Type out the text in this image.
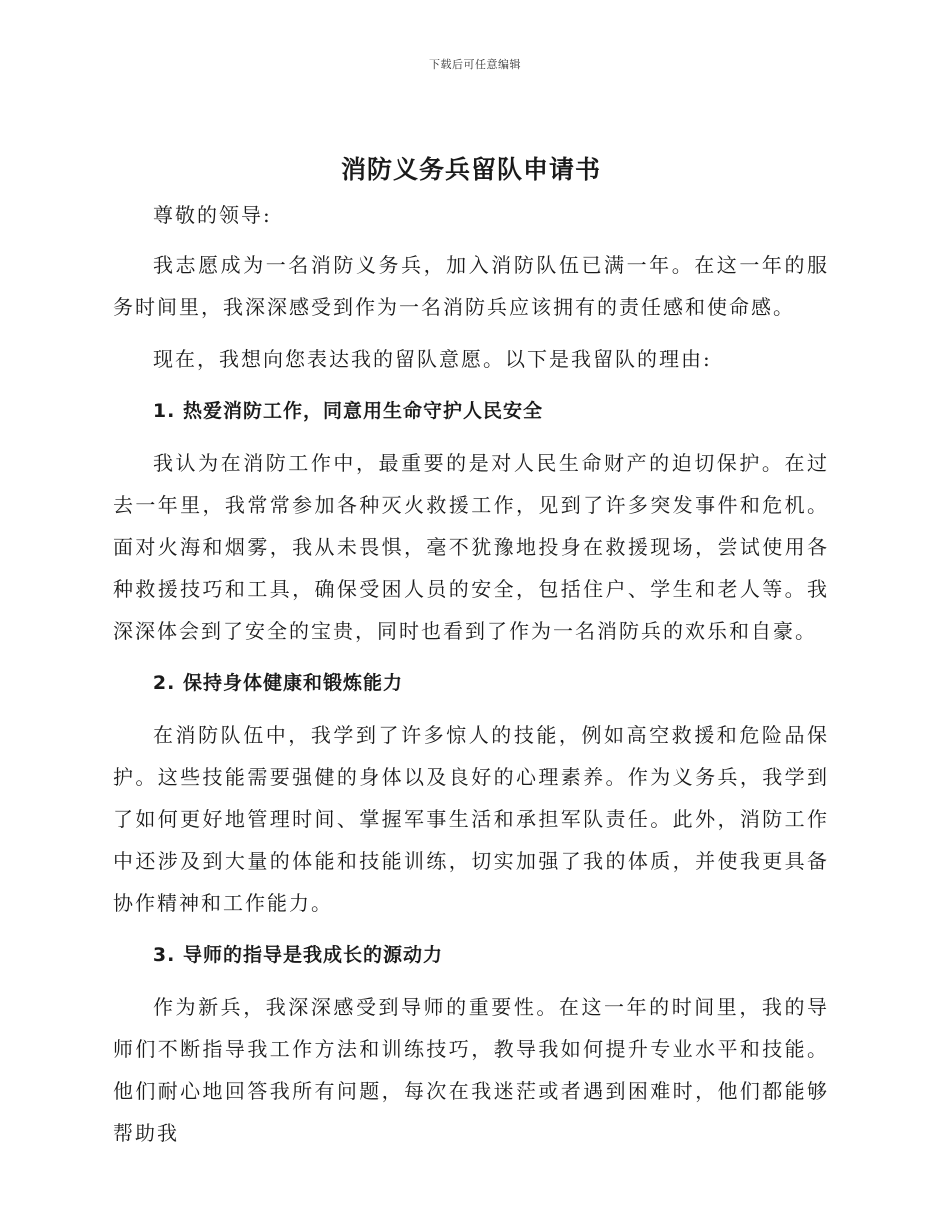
下载后可任意编辑
消防义务兵留队申请书

尊敬的领导:

我志愿成为一名消防义务兵，加入消防队伍已满一年。在这一年的服务时间里，我深深感受到作为一名消防兵应该拥有的责任感和使命感。

现在，我想向您表达我的留队意愿。以下是我留队的理由:

1. 热爱消防工作，同意用生命守护人民安全

我认为在消防工作中，最重要的是对人民生命财产的迫切保护。在过去一年里，我常常参加各种灭火救援工作，见到了许多突发事件和危机。面对火海和烟雾，我从未畏惧，毫不犹豫地投身在救援现场，尝试使用各种救援技巧和工具，确保受困人员的安全，包括住户、学生和老人等。我深深体会到了安全的宝贵，同时也看到了作为一名消防兵的欢乐和自豪。

2. 保持身体健康和锻炼能力

在消防队伍中，我学到了许多惊人的技能，例如高空救援和危险品保护。这些技能需要强健的身体以及良好的心理素养。作为义务兵，我学到了如何更好地管理时间、掌握军事生活和承担军队责任。此外，消防工作中还涉及到大量的体能和技能训练，切实加强了我的体质，并使我更具备协作精神和工作能力。

3. 导师的指导是我成长的源动力

作为新兵，我深深感受到导师的重要性。在这一年的时间里，我的导师们不断指导我工作方法和训练技巧，教导我如何提升专业水平和技能。他们耐心地回答我所有问题，每次在我迷茫或者遇到困难时，他们都能够帮助我
